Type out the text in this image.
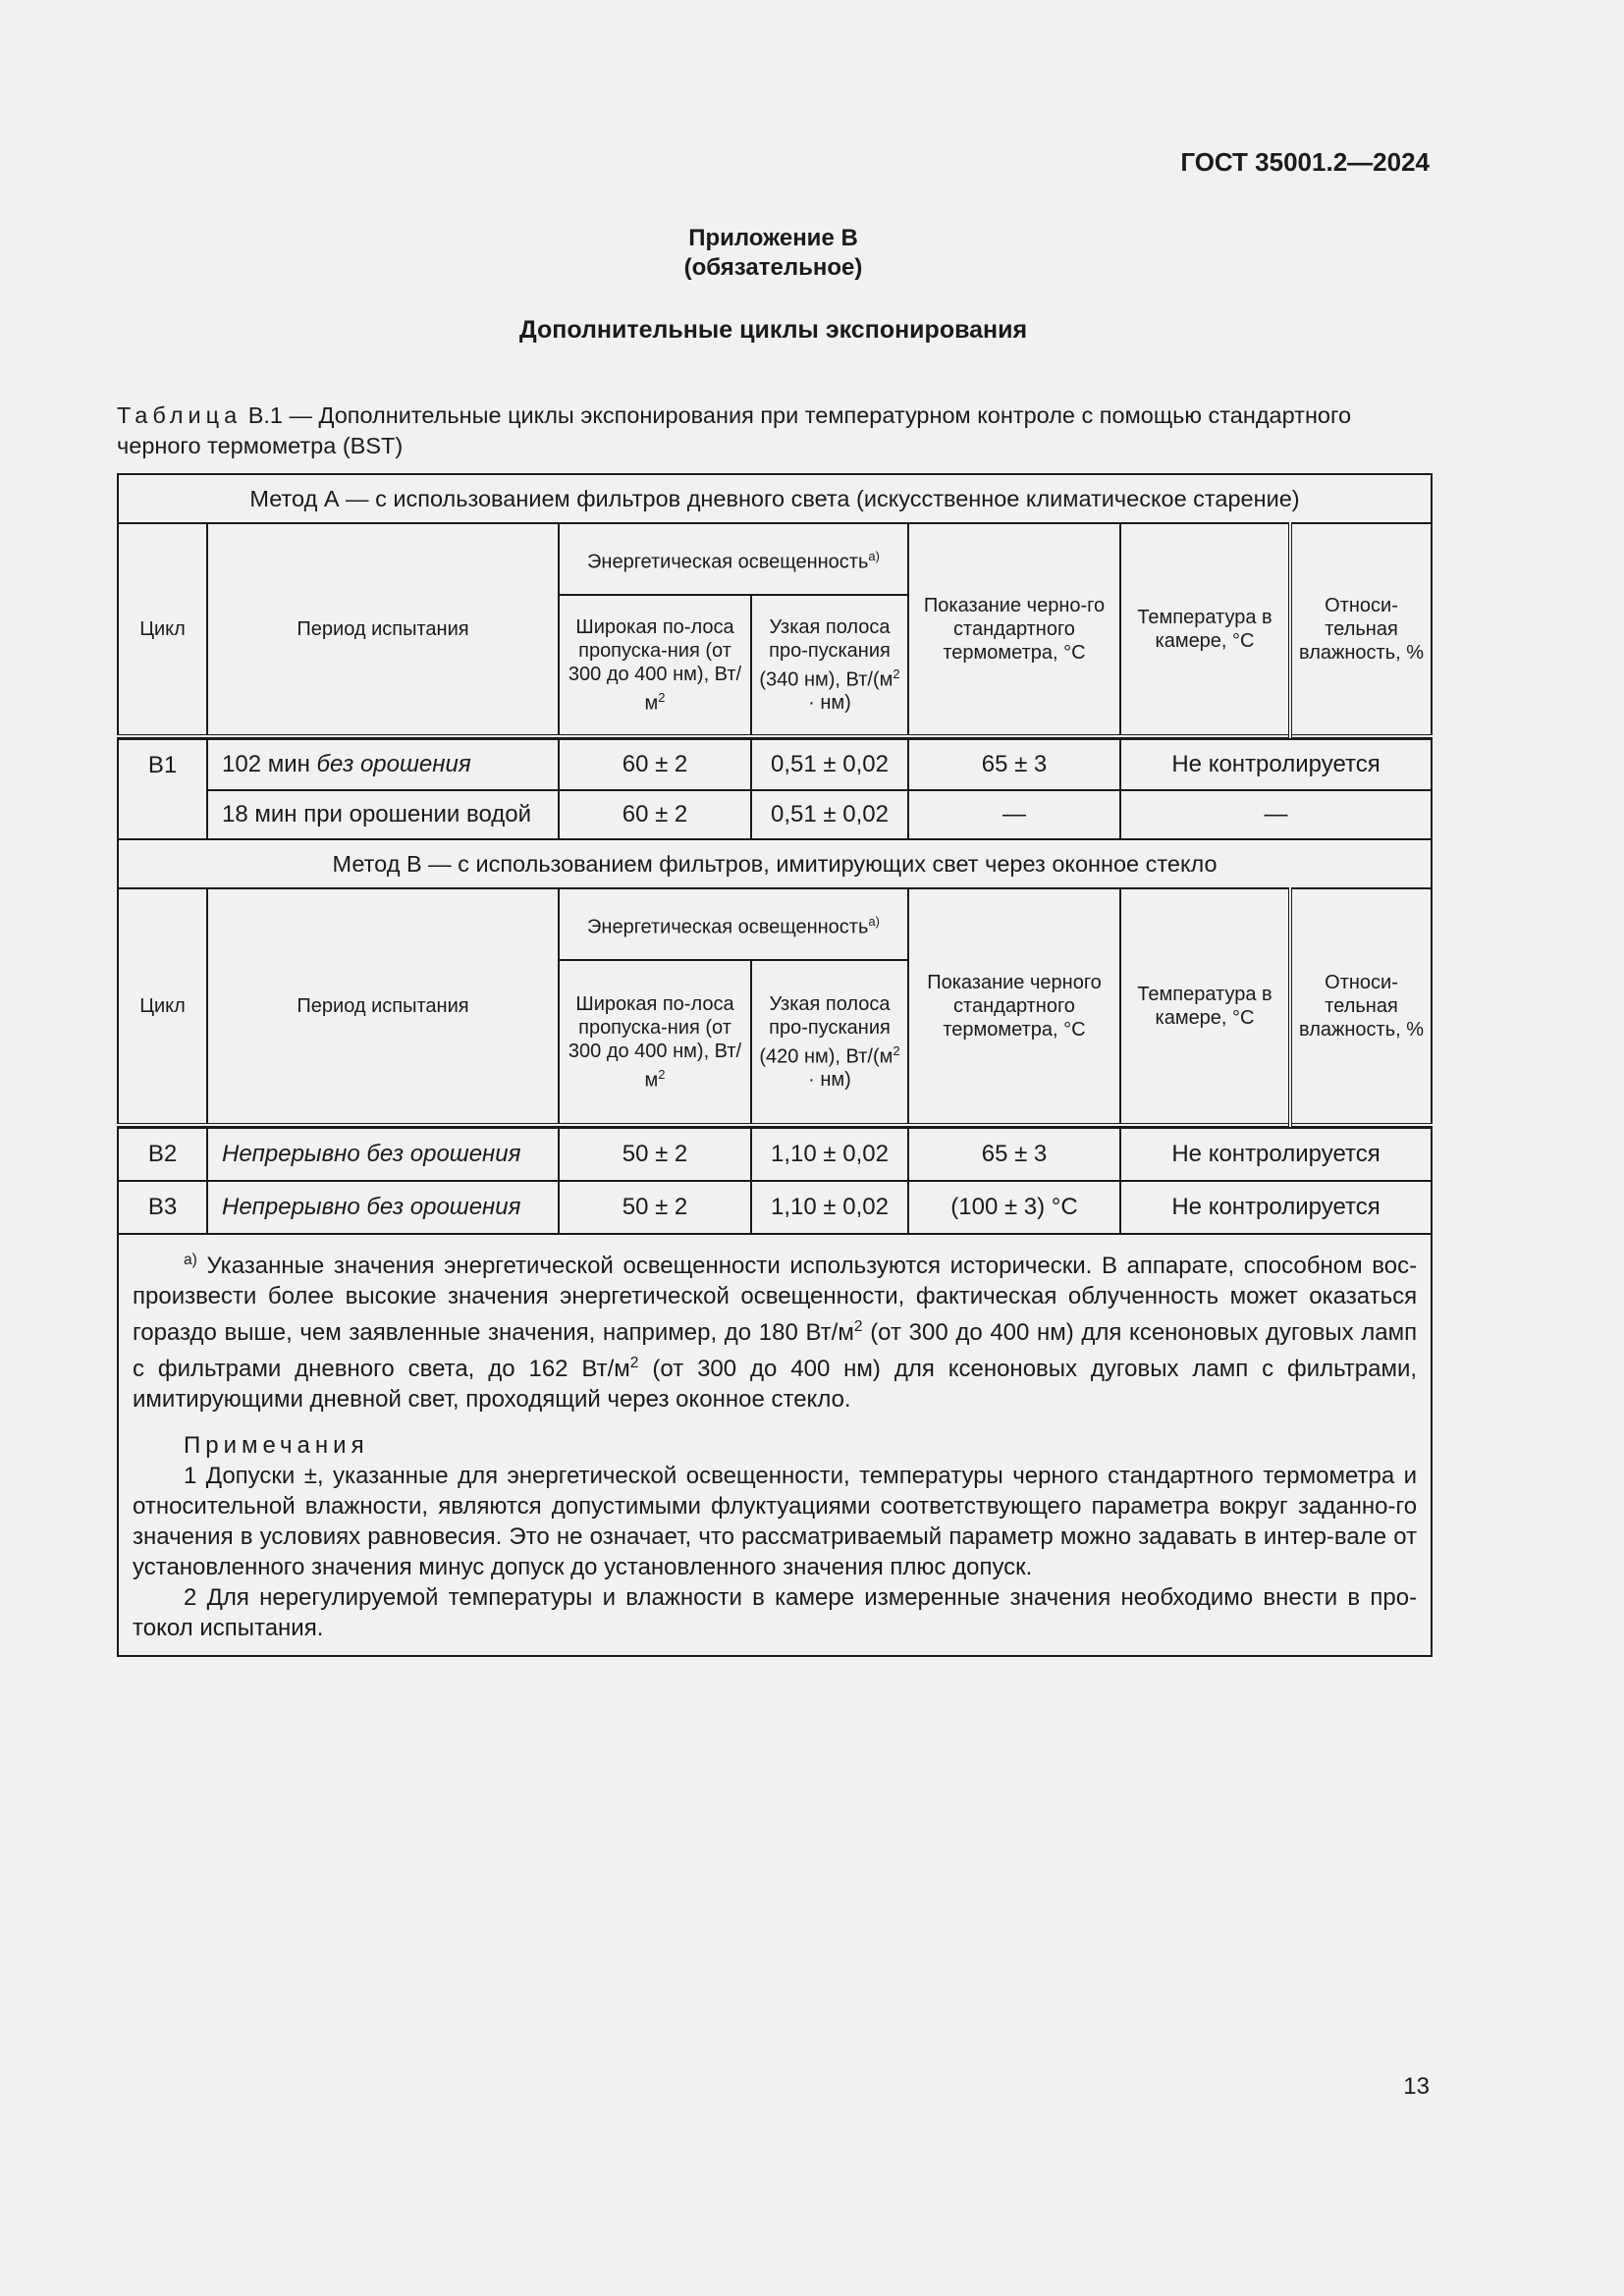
ГОСТ 35001.2—2024
Приложение В
(обязательное)
Дополнительные циклы экспонирования
Таблица В.1 — Дополнительные циклы экспонирования при температурном контроле с помощью стандартного черного термометра (BST)
Метод А — с использованием фильтров дневного света (искусственное климатическое старение)						
Цикл	Период испытания	Энергетическая освещенность$^{а)}$		Показание черно-го стандартного термометра, °С	Температура в камере, °С	Относи-тельная влажность, %
		Широкая по-лоса пропуска-ния (от 300 до 400 нм), $Вт/м^2$	Узкая полоса про-пускания (340 нм), $Вт/(м^2 \cdot нм)$			

В1	102 мин без орошения	60 ± 2	0,51 ± 0,02	65 ± 3	Не контролируется	
	18 мин при орошении водой	60 ± 2	0,51 ± 0,02	—	—	
Метод В — с использованием фильтров, имитирующих свет через оконное стекло						
Цикл	Период испытания	Энергетическая освещенность$^{а)}$		Показание черного стандартного термометра, °С	Температура в камере, °С	Относи-тельная влажность, %
		Широкая по-лоса пропуска-ния (от 300 до 400 нм), $Вт/м^2$	Узкая полоса про-пускания (420 нм), $Вт/(м^2 \cdot нм)$			

В2	Непрерывно без орошения	50 ± 2	1,10 ± 0,02	65 ± 3	Не контролируется	
В3	Непрерывно без орошения	50 ± 2	1,10 ± 0,02	(100 ± 3) °С	Не контролируется	

$^{а)}$ Указанные значения энергетической освещенности используются исторически. В аппарате, способном вос-произвести более высокие значения энергетической освещенности, фактическая облученность может оказаться гораздо выше, чем заявленные значения, например, до 180 $Вт/м^2$ (от 300 до 400 нм) для ксеноновых дуговых ламп с фильтрами дневного света, до 162 $Вт/м^2$ (от 300 до 400 нм) для ксеноновых дуговых ламп с фильтрами, имитирующими дневной свет, проходящий через оконное стекло.

Примечания

1 Допуски ±, указанные для энергетической освещенности, температуры черного стандартного термометра и относительной влажности, являются допустимыми флуктуациями соответствующего параметра вокруг заданно-го значения в условиях равновесия. Это не означает, что рассматриваемый параметр можно задавать в интер-вале от установленного значения минус допуск до установленного значения плюс допуск.

2 Для нерегулируемой температуры и влажности в камере измеренные значения необходимо внести в про-токол испытания.						

13
